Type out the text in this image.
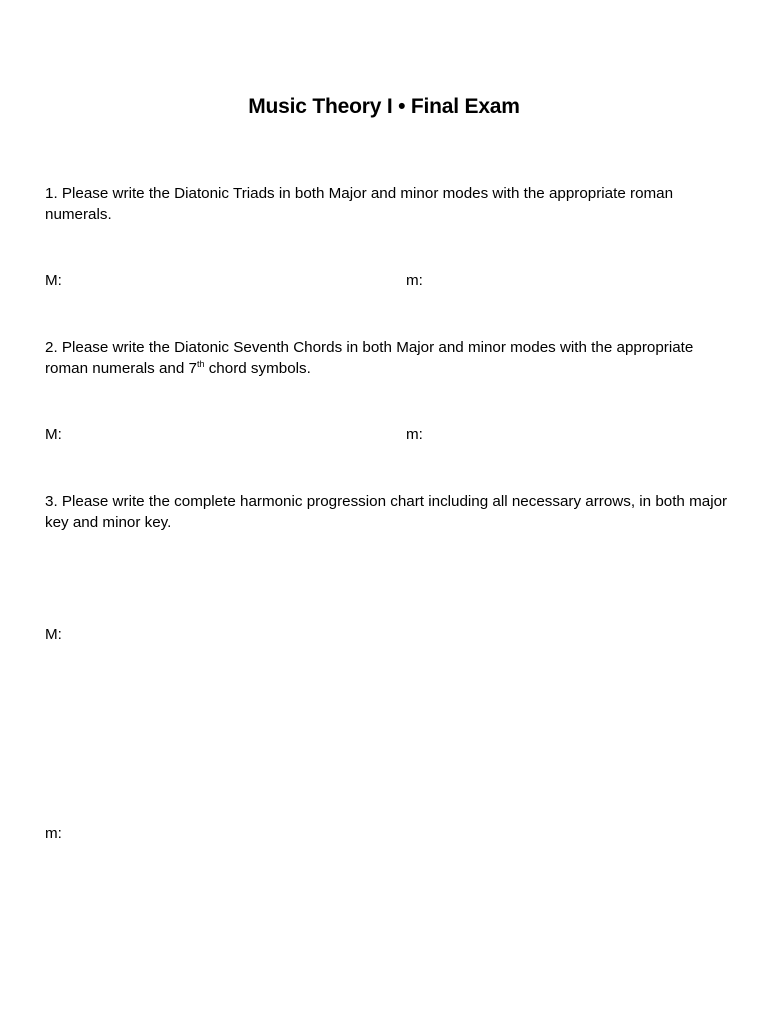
Music Theory I • Final Exam
1. Please write the Diatonic Triads in both Major and minor modes with the appropriate roman numerals.
M:	m:
2. Please write the Diatonic Seventh Chords in both Major and minor modes with the appropriate roman numerals and 7th chord symbols.
M:	m:
3. Please write the complete harmonic progression chart including all necessary arrows, in both major key and minor key.
M:
m:
